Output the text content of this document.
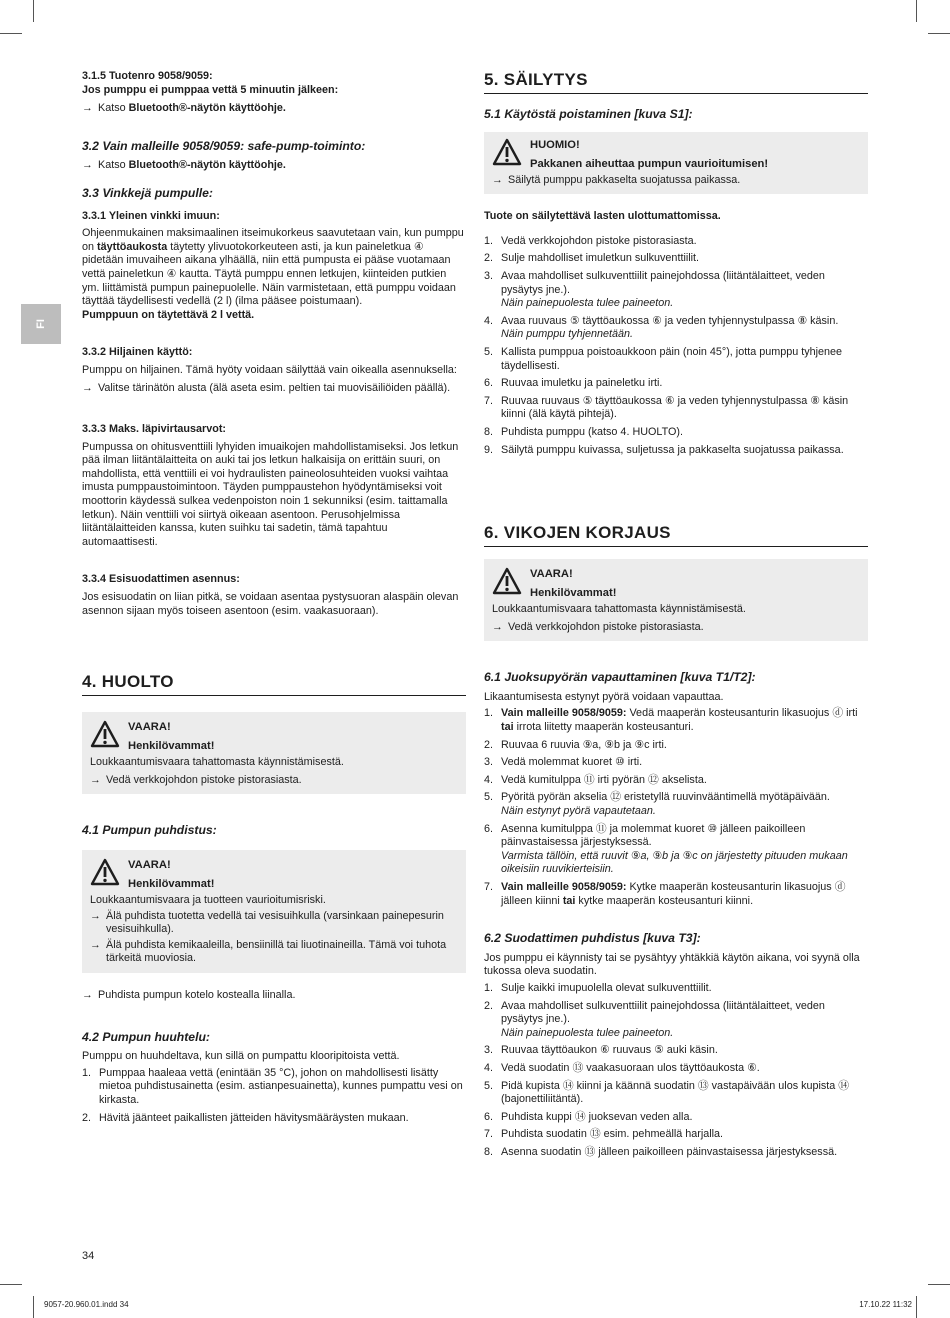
FI

3.1.5 Tuotenro 9058/9059:

Jos pumppu ei pumppaa vettä 5 minuutin jälkeen:

→ Katso Bluetooth®-näytön käyttöohje.

3.2 Vain malleille 9058/9059: safe-pump-toiminto:

→ Katso Bluetooth®-näytön käyttöohje.

3.3 Vinkkejä pumpulle:

3.3.1 Yleinen vinkki imuun:

Ohjeenmukainen maksimaalinen itseimukorkeus saavutetaan vain, kun pumppu on täyttöaukosta täytetty ylivuotokorkeuteen asti, ja kun paineletkua ④ pidetään imuvaiheen aikana ylhäällä, niin että pumpusta ei pääse vuotamaan vettä paineletkun ④ kautta. Täytä pumppu ennen letkujen, kiinteiden putkien ym. liittämistä pumpun painepuolelle. Näin varmistetaan, että pumppu voidaan täyttää täydellisesti vedellä (2 l) (ilma pääsee poistumaan).

Pumppuun on täytettävä 2 l vettä.

3.3.2 Hiljainen käyttö:

Pumppu on hiljainen. Tämä hyöty voidaan säilyttää vain oikealla asennuksella:

→ Valitse tärinätön alusta (älä aseta esim. peltien tai muovisäiliöiden päällä).

3.3.3 Maks. läpivirtausarvot:

Pumpussa on ohitusventtiili lyhyiden imuaikojen mahdollistamiseksi. Jos letkun pää ilman liitäntälaitteita on auki tai jos letkun halkaisija on erittäin suuri, on mahdollista, että venttiili ei voi hydraulisten paineolosuhteiden vuoksi vaihtaa imusta pumppaustoimintoon. Täyden pumppaustehon hyödyntämiseksi voit moottorin käydessä sulkea vedenpoiston noin 1 sekunniksi (esim. taittamalla letkun). Näin venttiili voi siirtyä oikeaan asentoon. Perusohjelmissa liitäntälaitteiden kanssa, kuten suihku tai sadetin, tämä tapahtuu automaattisesti.

3.3.4 Esisuodattimen asennus:

Jos esisuodatin on liian pitkä, se voidaan asentaa pystysuoran alaspäin olevan asennon sijaan myös toiseen asentoon (esim. vaakasuoraan).

4. HUOLTO

VAARA!
Henkilövammat!

Loukkaantumisvaara tahattomasta käynnistämisestä.

→ Vedä verkkojohdon pistoke pistorasiasta.

4.1 Pumpun puhdistus:

VAARA!
Henkilövammat!

Loukkaantumisvaara ja tuotteen vaurioitumisriski.

→ Älä puhdista tuotetta vedellä tai vesisuihkulla (varsinkaan painepesurin vesisuihkulla).

→ Älä puhdista kemikaaleilla, bensiinillä tai liuotinaineilla. Tämä voi tuhota tärkeitä muoviosia.

→ Puhdista pumpun kotelo kostealla liinalla.

4.2 Pumpun huuhtelu:

Pumppu on huuhdeltava, kun sillä on pumpattu klooripitoista vettä.

1. Pumppaa haaleaa vettä (enintään 35 °C), johon on mahdollisesti lisätty mietoa puhdistusainetta (esim. astianpesuainetta), kunnes pumpattu vesi on kirkasta.
2. Hävitä jäänteet paikallisten jätteiden hävitysmääräysten mukaan.

5. SÄILYTYS

5.1 Käytöstä poistaminen [kuva S1]:

HUOMIO!
Pakkanen aiheuttaa pumpun vaurioitumisen!

→ Säilytä pumppu pakkaselta suojatussa paikassa.

Tuote on säilytettävä lasten ulottumattomissa.

1. Vedä verkkojohdon pistoke pistorasiasta.
2. Sulje mahdolliset imuletkun sulkuventtiilit.
3. Avaa mahdolliset sulkuventtiilit painejohdossa (liitäntälaitteet, veden pysäytys jne.).
Näin painepuolesta tulee paineeton.
4. Avaa ruuvaus ⑤ täyttöaukossa ⑥ ja veden tyhjennystulpassa ⑧ käsin.
Näin pumppu tyhjennetään.
5. Kallista pumppua poistoaukkoon päin (noin 45°), jotta pumppu tyhjenee täydellisesti.
6. Ruuvaa imuletku ja paineletku irti.
7. Ruuvaa ruuvaus ⑤ täyttöaukossa ⑥ ja veden tyhjennystulpassa ⑧ käsin kiinni (älä käytä pihtejä).
8. Puhdista pumppu (katso 4. HUOLTO).
9. Säilytä pumppu kuivassa, suljetussa ja pakkaselta suojatussa paikassa.

6. VIKOJEN KORJAUS

VAARA!
Henkilövammat!

Loukkaantumisvaara tahattomasta käynnistämisestä.

→ Vedä verkkojohdon pistoke pistorasiasta.

6.1 Juoksupyörän vapauttaminen [kuva T1/T2]:

Likaantumisesta estynyt pyörä voidaan vapauttaa.

1. Vain malleille 9058/9059: Vedä maaperän kosteusanturin likasuojus ⓓ irti tai irrota liitetty maaperän kosteusanturi.
2. Ruuvaa 6 ruuvia ⑨a, ⑨b ja ⑨c irti.
3. Vedä molemmat kuoret ⑩ irti.
4. Vedä kumitulppa ⑪ irti pyörän ⑫ akselista.
5. Pyöritä pyörän akselia ⑫ eristetyllä ruuvinvääntimellä myötäpäivään.
Näin estynyt pyörä vapautetaan.
6. Asenna kumitulppa ⑪ ja molemmat kuoret ⑩ jälleen paikoilleen päinvastaisessa järjestyksessä.
Varmista tällöin, että ruuvit ⑨a, ⑨b ja ⑨c on järjestetty pituuden mukaan oikeisiin ruuvikierteisiin.
7. Vain malleille 9058/9059: Kytke maaperän kosteusanturin likasuojus ⓓ jälleen kiinni tai kytke maaperän kosteusanturi kiinni.

6.2 Suodattimen puhdistus [kuva T3]:

Jos pumppu ei käynnisty tai se pysähtyy yhtäkkiä käytön aikana, voi syynä olla tukossa oleva suodatin.

1. Sulje kaikki imupuolella olevat sulkuventtiilit.
2. Avaa mahdolliset sulkuventtiilit painejohdossa (liitäntälaitteet, veden pysäytys jne.).
Näin painepuolesta tulee paineeton.
3. Ruuvaa täyttöaukon ⑥ ruuvaus ⑤ auki käsin.
4. Vedä suodatin ⑬ vaakasuoraan ulos täyttöaukosta ⑥.
5. Pidä kupista ⑭ kiinni ja käännä suodatin ⑬ vastapäivään ulos kupista ⑭ (bajonettiliitäntä).
6. Puhdista kuppi ⑭ juoksevan veden alla.
7. Puhdista suodatin ⑬ esim. pehmeällä harjalla.
8. Asenna suodatin ⑬ jälleen paikoilleen päinvastaisessa järjestyksessä.
34
9057-20.960.01.indd 34	17.10.22 11:32
